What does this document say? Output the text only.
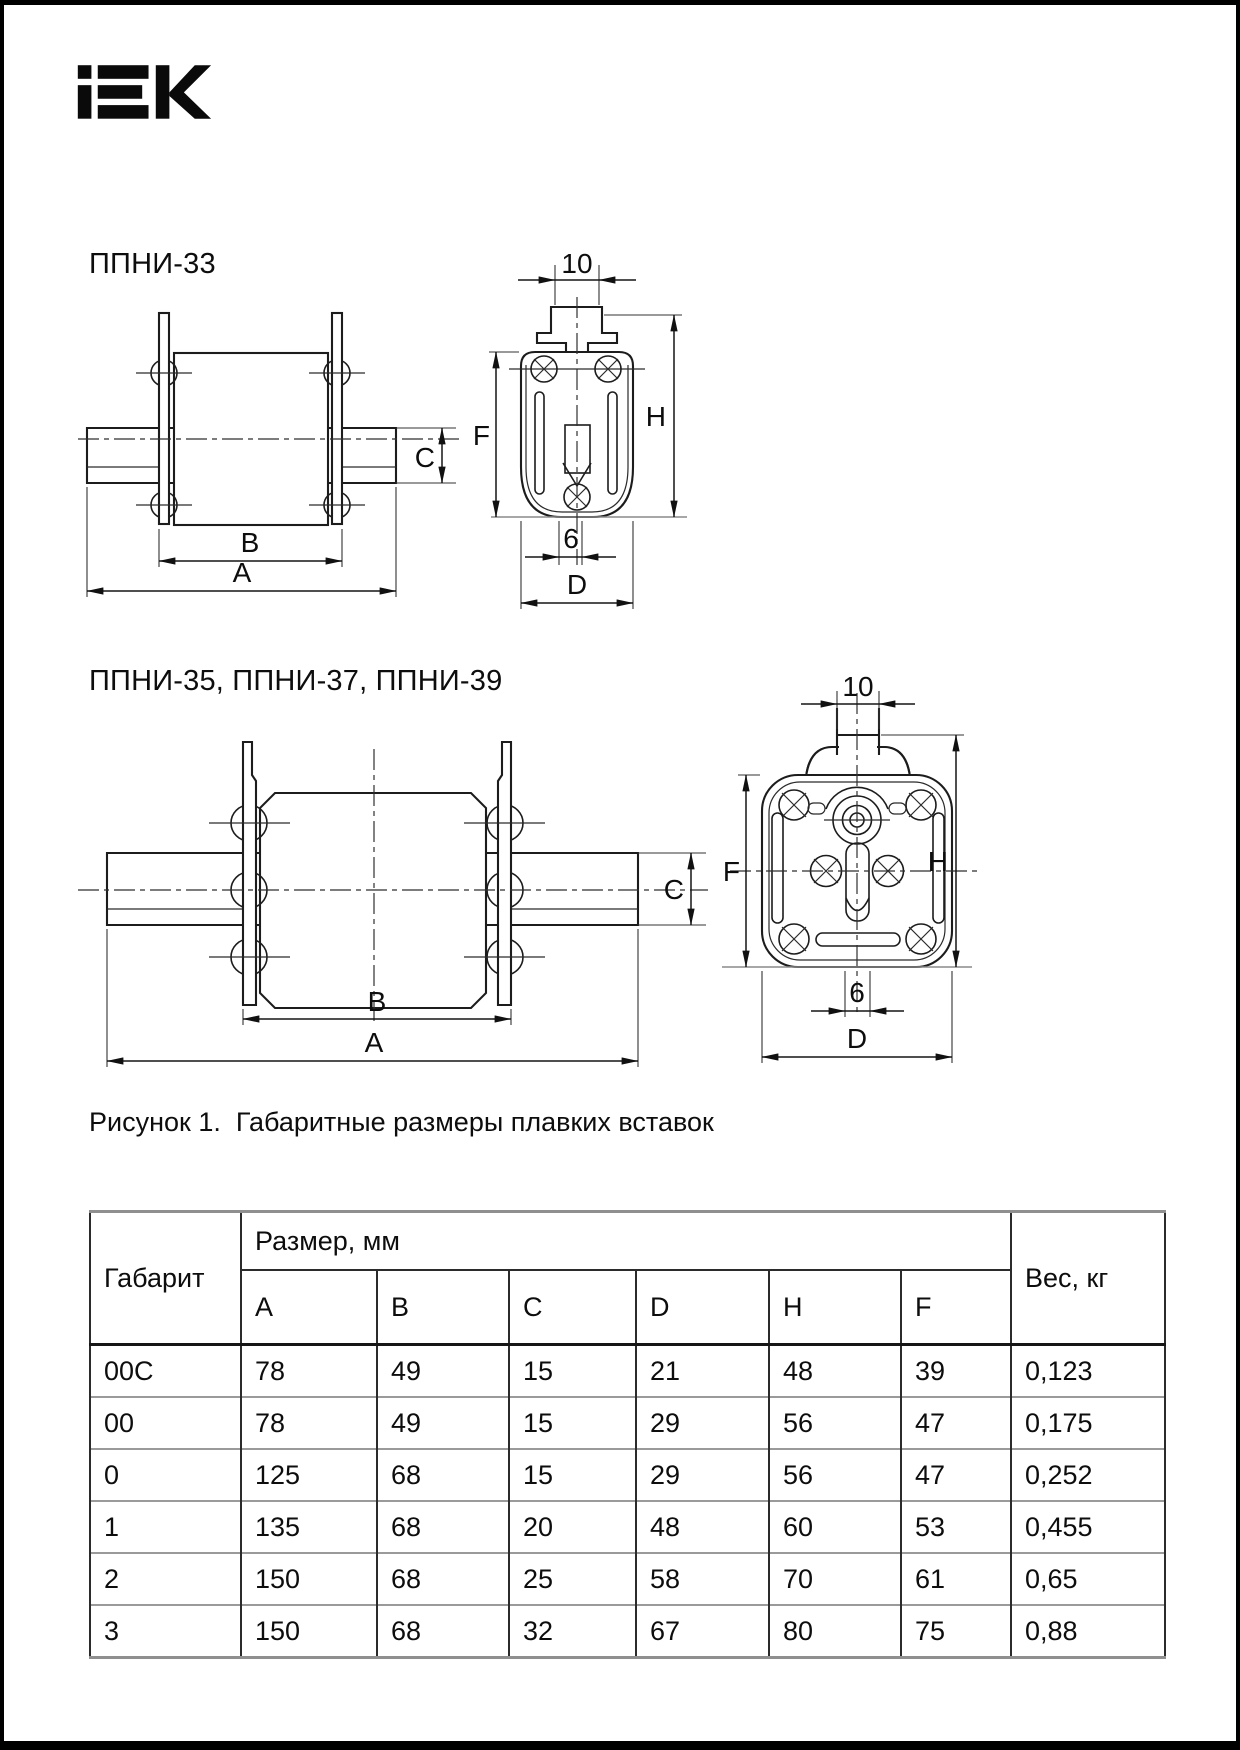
ППНИ-33
B
A
C
10
H
F
6
D
ППНИ-35, ППНИ-37, ППНИ-39
B
A
C
10
H
F
6
D
Рисунок 1.  Габаритные размеры плавких вставок
Габарит	Размер, мм						Вес, кг
	A	B	C	D	H	F	
00C	78	49	15	21	48	39	0,123
00	78	49	15	29	56	47	0,175
0	125	68	15	29	56	47	0,252
1	135	68	20	48	60	53	0,455
2	150	68	25	58	70	61	0,65
3	150	68	32	67	80	75	0,88
